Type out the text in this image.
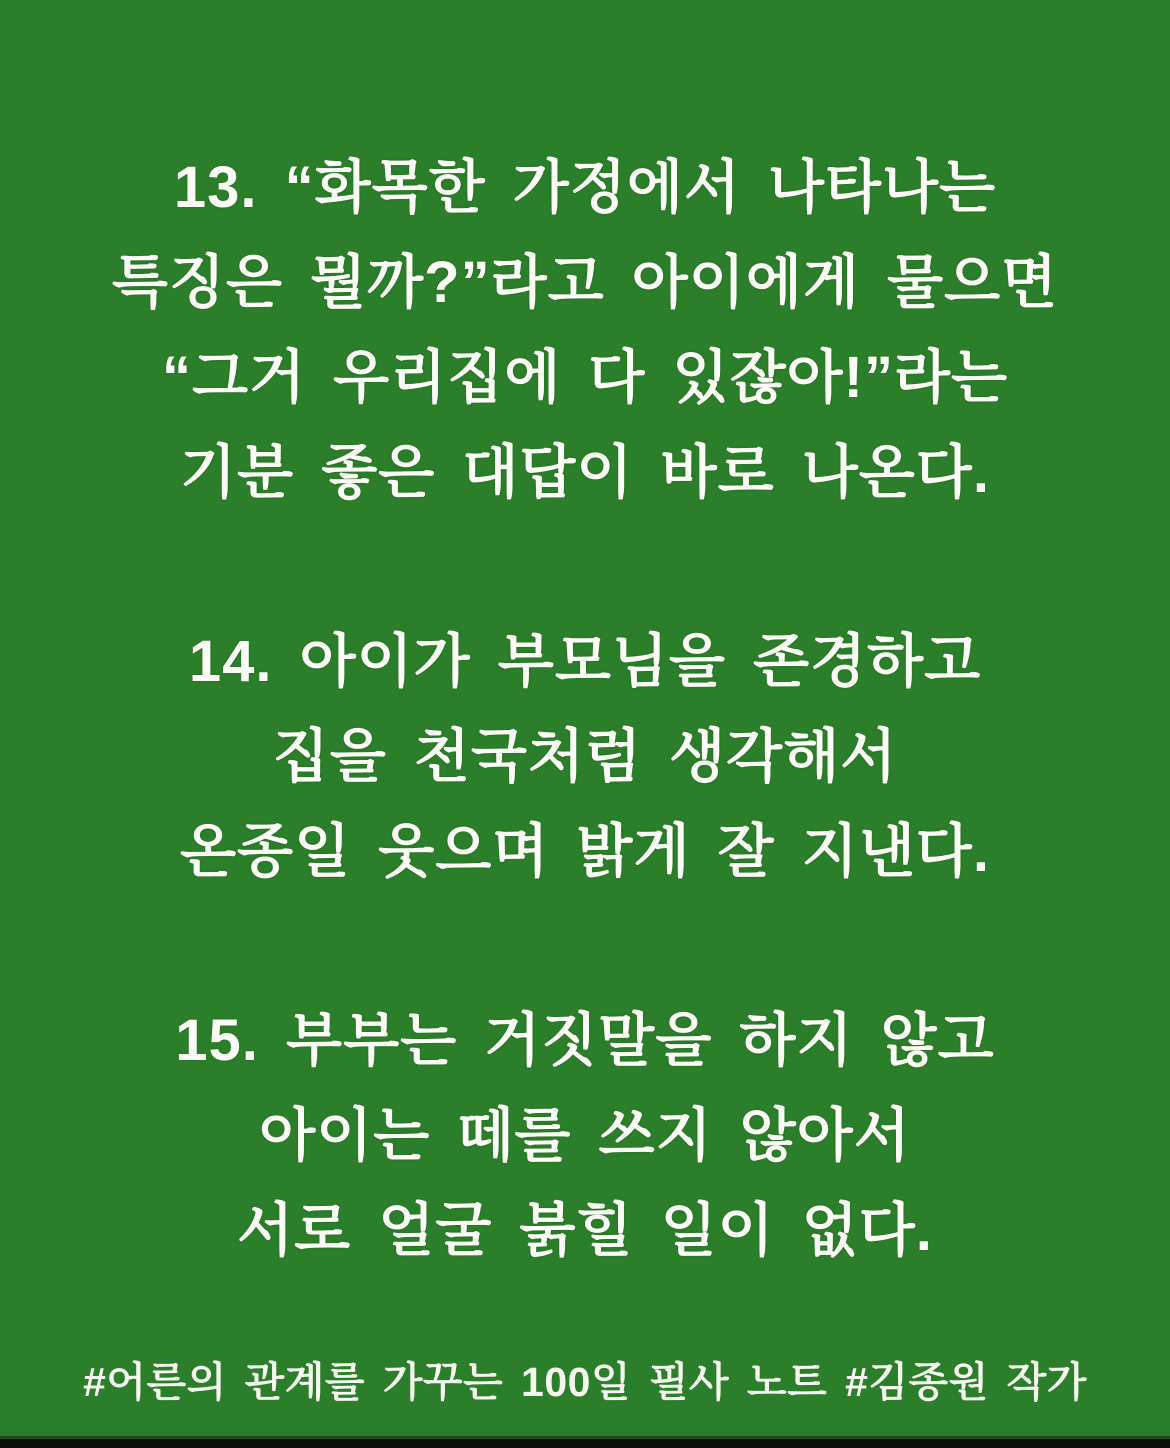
13. “화목한 가정에서 나타나는
특징은 뭘까?”라고 아이에게 물으면
“그거 우리집에 다 있잖아!”라는
기분 좋은 대답이 바로 나온다.
14. 아이가 부모님을 존경하고
집을 천국처럼 생각해서
온종일 웃으며 밝게 잘 지낸다.
15. 부부는 거짓말을 하지 않고
아이는 떼를 쓰지 않아서
서로 얼굴 붉힐 일이 없다.
#어른의 관계를 가꾸는 100일 필사 노트 #김종원 작가
